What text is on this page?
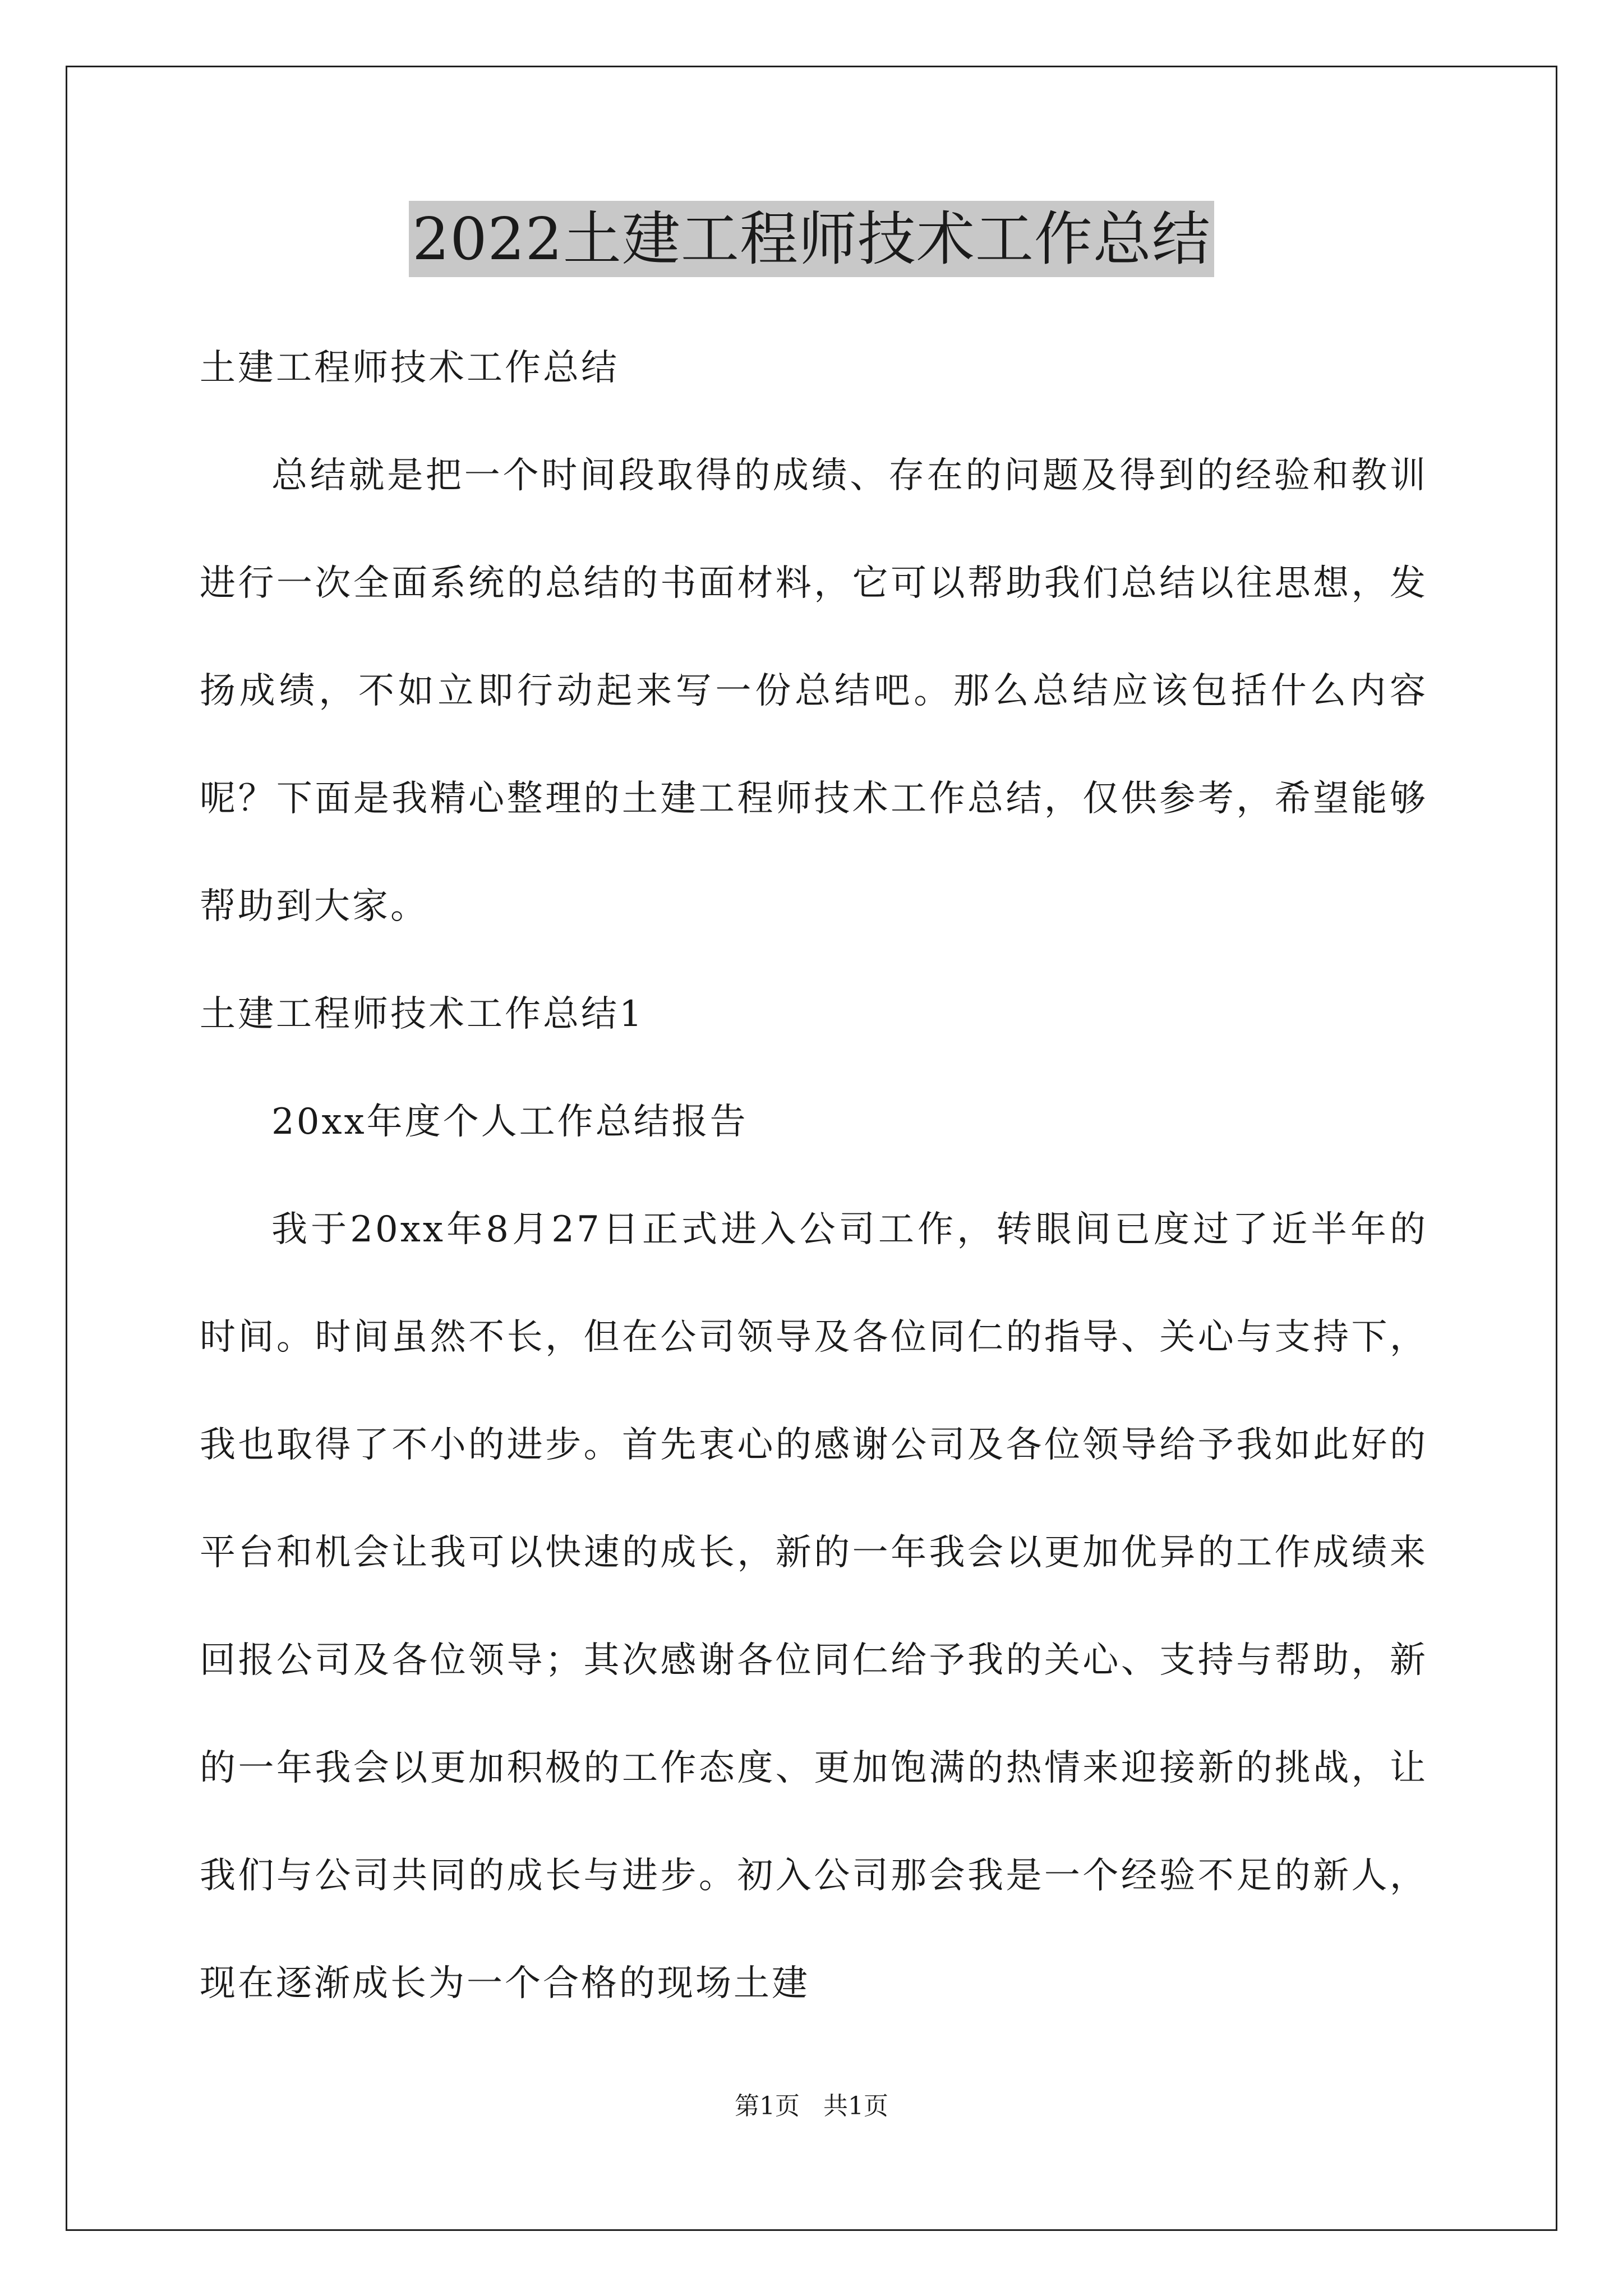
2022土建工程师技术工作总结

土建工程师技术工作总结

总结就是把一个时间段取得的成绩、存在的问题及得到的经验和教训进行一次全面系统的总结的书面材料，它可以帮助我们总结以往思想，发扬成绩，不如立即行动起来写一份总结吧。那么总结应该包括什么内容呢？下面是我精心整理的土建工程师技术工作总结，仅供参考，希望能够帮助到大家。

土建工程师技术工作总结1

20xx年度个人工作总结报告

我于20xx年8月27日正式进入公司工作，转眼间已度过了近半年的时间。时间虽然不长，但在公司领导及各位同仁的指导、关心与支持下，我也取得了不小的进步。首先衷心的感谢公司及各位领导给予我如此好的平台和机会让我可以快速的成长，新的一年我会以更加优异的工作成绩来回报公司及各位领导；其次感谢各位同仁给予我的关心、支持与帮助，新的一年我会以更加积极的工作态度、更加饱满的热情来迎接新的挑战，让我们与公司共同的成长与进步。初入公司那会我是一个经验不足的新人，现在逐渐成长为一个合格的现场土建

第1页   共1页
